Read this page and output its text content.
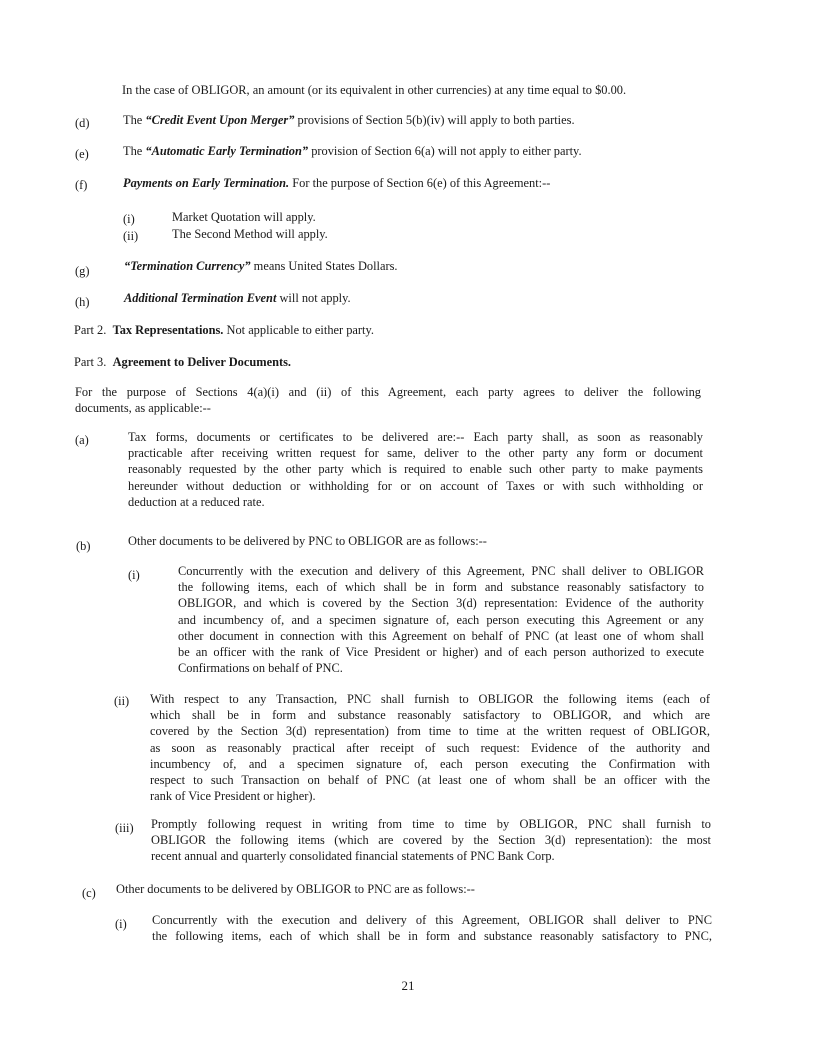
In the case of OBLIGOR, an amount (or its equivalent in other currencies) at any time equal to $0.00.
(d)	The “Credit Event Upon Merger” provisions of Section 5(b)(iv) will apply to both parties.
(e)	The “Automatic Early Termination” provision of Section 6(a) will not apply to either party.
(f)	Payments on Early Termination. For the purpose of Section 6(e) of this Agreement:--
(i)	Market Quotation will apply.
(ii)	The Second Method will apply.
(g)	“Termination Currency” means United States Dollars.
(h)	Additional Termination Event will not apply.
Part 2. Tax Representations. Not applicable to either party.
Part 3. Agreement to Deliver Documents.
For the purpose of Sections 4(a)(i) and (ii) of this Agreement, each party agrees to deliver the following
documents, as applicable:--
(a)	Tax forms, documents or certificates to be delivered are:-- Each party shall, as soon as reasonably
practicable after receiving written request for same, deliver to the other party any form or document
reasonably requested by the other party which is required to enable such other party to make payments
hereunder without deduction or withholding for or on account of Taxes or with such withholding or
deduction at a reduced rate.
(b)	Other documents to be delivered by PNC to OBLIGOR are as follows:--
(i)	Concurrently with the execution and delivery of this Agreement, PNC shall deliver to OBLIGOR
the following items, each of which shall be in form and substance reasonably satisfactory to
OBLIGOR, and which is covered by the Section 3(d) representation: Evidence of the authority
and incumbency of, and a specimen signature of, each person executing this Agreement or any
other document in connection with this Agreement on behalf of PNC (at least one of whom shall
be an officer with the rank of Vice President or higher) and of each person authorized to execute
Confirmations on behalf of PNC.
(ii) With respect to any Transaction, PNC shall furnish to OBLIGOR the following items (each of
which shall be in form and substance reasonably satisfactory to OBLIGOR, and which are
covered by the Section 3(d) representation) from time to time at the written request of OBLIGOR,
as soon as reasonably practical after receipt of such request: Evidence of the authority and
incumbency of, and a specimen signature of, each person executing the Confirmation with
respect to such Transaction on behalf of PNC (at least one of whom shall be an officer with the
rank of Vice President or higher).
(iii) Promptly following request in writing from time to time by OBLIGOR, PNC shall furnish to
OBLIGOR the following items (which are covered by the Section 3(d) representation): the most
recent annual and quarterly consolidated financial statements of PNC Bank Corp.
(c) Other documents to be delivered by OBLIGOR to PNC are as follows:--
(i) Concurrently with the execution and delivery of this Agreement, OBLIGOR shall deliver to PNC
the following items, each of which shall be in form and substance reasonably satisfactory to PNC,
21
